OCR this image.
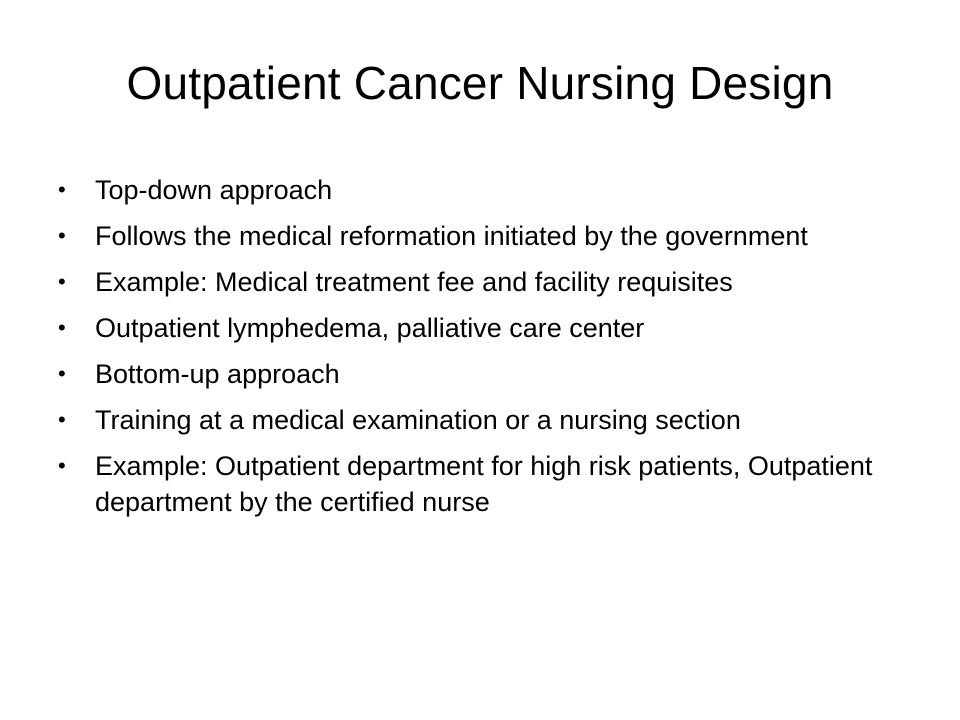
Outpatient Cancer Nursing Design
•	Top-down approach
•	Follows the medical reformation initiated by the government
•	Example: Medical treatment fee and facility requisites
•	Outpatient lymphedema, palliative care center
•	Bottom-up approach
•	Training at a medical examination or a nursing section
•	Example: Outpatient department for high risk patients, Outpatient department by the certified nurse
